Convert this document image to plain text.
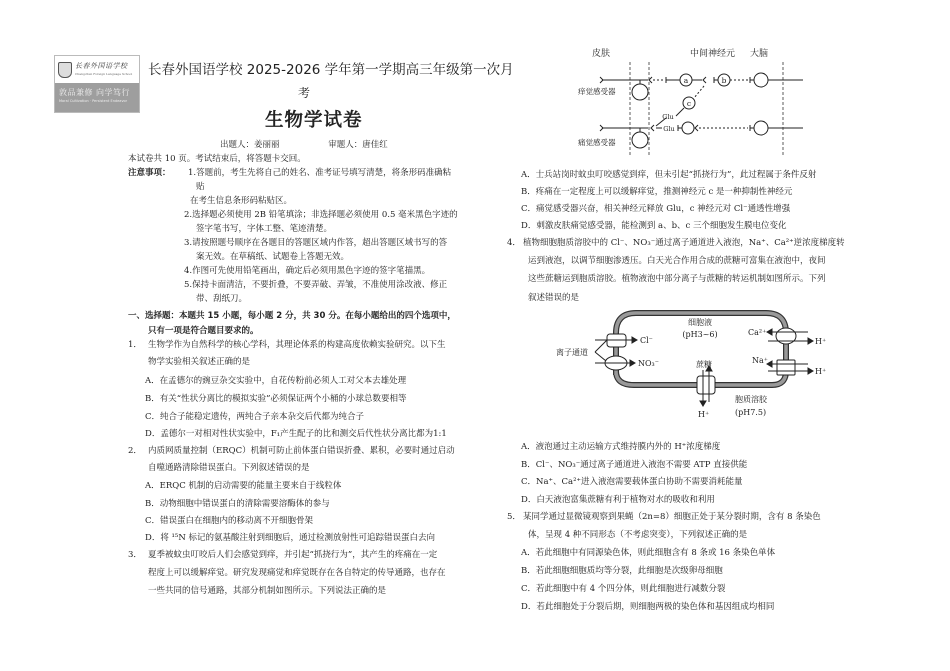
长春外国语学校
Changchun Foreign Language School
敦品兼修 向学笃行
Moral Cultivation · Persistent Endeavor
长春外国语学校 2025-2026 学年第一学期高三年级第一次月
考
生物学试卷
出题人：姜丽丽	审题人：唐佳红
本试卷共 10 页。考试结束后，将答题卡交回。
注意事项： 1.答题前，考生先将自己的姓名、准考证号填写清楚，将条形码准确粘
贴
在考生信息条形码粘贴区。
2.选择题必须使用 2B 铅笔填涂；非选择题必须使用 0.5 毫米黑色字迹的
签字笔书写，字体工整、笔迹清楚。
3.请按照题号顺序在各题目的答题区域内作答，超出答题区域书写的答
案无效。在草稿纸、试题卷上答题无效。
4.作图可先使用铅笔画出，确定后必须用黑色字迹的签字笔描黑。
5.保持卡面清洁，不要折叠，不要弄破、弄皱，不准使用涂改液、修正
带、刮纸刀。
一、选择题：本题共 15 小题，每小题 2 分，共 30 分。在每小题给出的四个选项中，
只有一项是符合题目要求的。
1． 生物学作为自然科学的核心学科，其理论体系的构建高度依赖实验研究。以下生
物学实验相关叙述正确的是
A．在孟德尔的豌豆杂交实验中，自花传粉前必须人工对父本去雄处理
B．有关“性状分离比的模拟实验”必须保证两个小桶的小球总数要相等
C．纯合子能稳定遗传，两纯合子亲本杂交后代都为纯合子
D．孟德尔一对相对性状实验中，F₁产生配子的比和测交后代性状分离比都为1:1
2． 内质网质量控制（ERQC）机制可防止前体蛋白错误折叠、累积，必要时通过启动
自噬通路清除错误蛋白。下列叙述错误的是
A．ERQC 机制的启动需要的能量主要来自于线粒体
B．动物细胞中错误蛋白的清除需要溶酶体的参与
C．错误蛋白在细胞内的移动离不开细胞骨架
D．将 ¹⁵N 标记的氨基酸注射到细胞后，通过检测放射性可追踪错误蛋白去向
3． 夏季被蚊虫叮咬后人们会感觉到痒，并引起“抓挠行为”，其产生的疼痛在一定
程度上可以缓解痒觉。研究发现痛觉和痒觉既存在各自特定的传导通路，也存在
一些共同的信号通路，其部分机制如图所示。下列说法正确的是
皮肤	中间神经元 大脑
痒觉感受器
痛觉感受器
a	b
c
Glu
Glu
A．士兵站岗时蚊虫叮咬感觉到痒，但未引起“抓挠行为”，此过程属于条件反射
B．疼痛在一定程度上可以缓解痒觉，推测神经元 c 是一种抑制性神经元
C．痛觉感受器兴奋，相关神经元释放 Glu，c 神经元对 Cl⁻通透性增强
D．刺激皮肤痛觉感受器，能检测到 a、b、c 三个细胞发生膜电位变化
4． 植物细胞胞质溶胶中的 Cl⁻、NO₃⁻通过离子通道进入液泡，Na⁺、Ca²⁺逆浓度梯度转
运到液泡，以调节细胞渗透压。白天光合作用合成的蔗糖可富集在液泡中，夜间
这些蔗糖运到胞质溶胶。植物液泡中部分离子与蔗糖的转运机制如图所示。下列
叙述错误的是
细胞液
(pH3~6)
Cl⁻
NO₃⁻
离子通道
Ca²⁺
H⁺
Na⁺
H⁺
蔗糖
H⁺
胞质溶胶
(pH7.5)
A．液泡通过主动运输方式维持膜内外的 H⁺浓度梯度
B．Cl⁻、NO₃⁻通过离子通道进入液泡不需要 ATP 直接供能
C．Na⁺、Ca²⁺进入液泡需要载体蛋白协助不需要消耗能量
D．白天液泡富集蔗糖有利于植物对水的吸收和利用
5． 某同学通过显微镜观察到果蝇（2n=8）细胞正处于某分裂时期，含有 8 条染色
体，呈现 4 种不同形态（不考虑突变），下列叙述正确的是
A．若此细胞中有同源染色体，则此细胞含有 8 条或 16 条染色单体
B．若此细胞细胞质均等分裂，此细胞是次级卵母细胞
C．若此细胞中有 4 个四分体，则此细胞进行减数分裂
D．若此细胞处于分裂后期，则细胞两极的染色体和基因组成均相同
